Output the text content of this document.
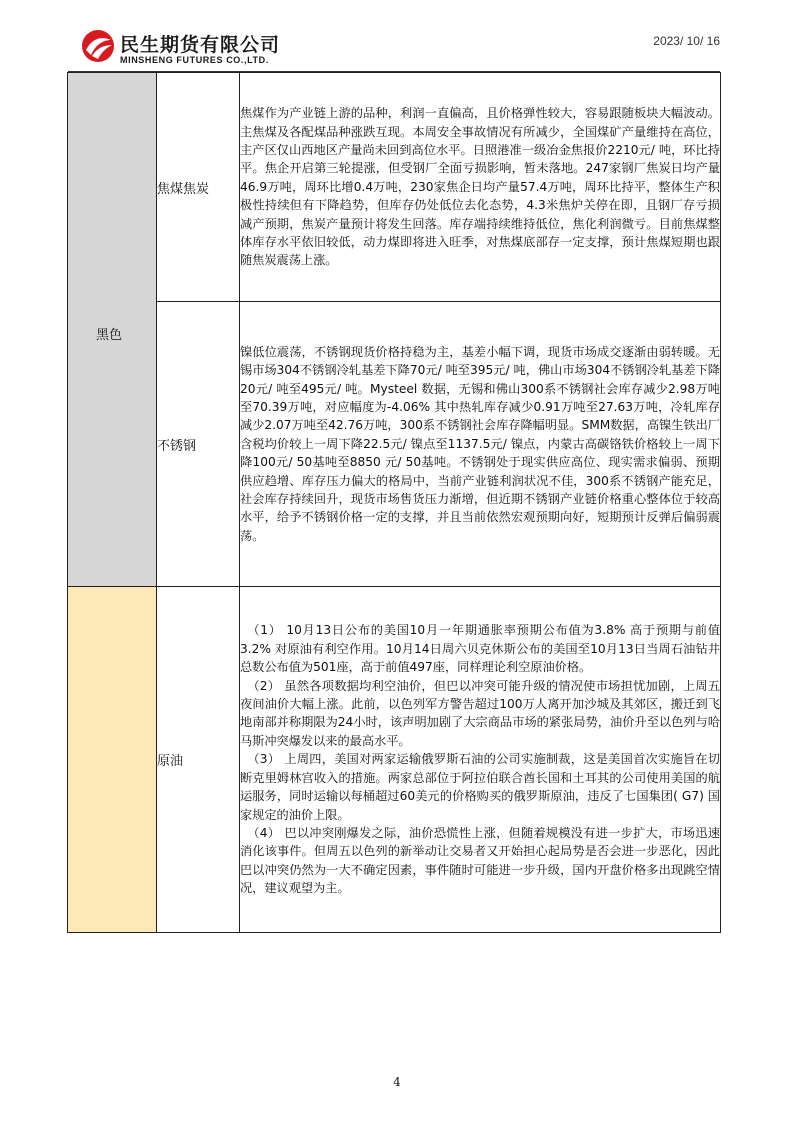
民生期货有限公司
MINSHENG FUTURES CO.,LTD.
2023/ 10/ 16
黑色	焦煤焦炭	焦煤作为产业链上游的品种，利润一直偏高，且价格弹性较大，容易跟随板块大幅波动。主焦煤及各配煤品种涨跌互现。本周安全事故情况有所减少，全国煤矿产量维持在高位，主产区仅山西地区产量尚未回到高位水平。日照港准一级冶金焦报价2210元/ 吨，环比持平。焦企开启第三轮提涨，但受钢厂全面亏损影响，暂未落地。247家钢厂焦炭日均产量46.9万吨，周环比增0.4万吨，230家焦企日均产量57.4万吨，周环比持平，整体生产积极性持续但有下降趋势，但库存仍处低位去化态势，4.3米焦炉关停在即，且钢厂存亏损减产预期，焦炭产量预计将发生回落。库存端持续维持低位，焦化利润微亏。目前焦煤整体库存水平依旧较低，动力煤即将进入旺季，对焦煤底部存一定支撑，预计焦煤短期也跟随焦炭震荡上涨。

	不锈钢	镍低位震荡，不锈钢现货价格持稳为主，基差小幅下调，现货市场成交逐渐由弱转暖。无锡市场304不锈钢冷轧基差下降70元/ 吨至395元/ 吨，佛山市场304不锈钢冷轧基差下降20元/ 吨至495元/ 吨。Mysteel 数据，无锡和佛山300系不锈钢社会库存减少2.98万吨至70.39万吨，对应幅度为-4.06% 其中热轧库存减少0.91万吨至27.63万吨，冷轧库存减少2.07万吨至42.76万吨，300系不锈钢社会库存降幅明显。SMM数据，高镍生铁出厂含税均价较上一周下降22.5元/ 镍点至1137.5元/ 镍点，内蒙古高碳铬铁价格较上一周下降100元/ 50基吨至8850 元/ 50基吨。不锈钢处于现实供应高位、现实需求偏弱、预期供应趋增、库存压力偏大的格局中，当前产业链利润状况不佳，300系不锈钢产能充足，社会库存持续回升，现货市场售货压力渐增，但近期不锈钢产业链价格重心整体位于较高水平，给予不锈钢价格一定的支撑，并且当前依然宏观预期向好，短期预计反弹后偏弱震荡。

	原油	（1） 10月13日公布的美国10月一年期通胀率预期公布值为3.8% 高于预期与前值3.2% 对原油有利空作用。10月14日周六贝克休斯公布的美国至10月13日当周石油钻井总数公布值为501座，高于前值497座，同样理论利空原油价格。

（2） 虽然各项数据均利空油价，但巴以冲突可能升级的情况使市场担忧加剧，上周五夜间油价大幅上涨。此前，以色列军方警告超过100万人离开加沙城及其郊区，搬迁到飞地南部并称期限为24小时，该声明加剧了大宗商品市场的紧张局势，油价升至以色列与哈马斯冲突爆发以来的最高水平。

（3） 上周四，美国对两家运输俄罗斯石油的公司实施制裁，这是美国首次实施旨在切断克里姆林宫收入的措施。两家总部位于阿拉伯联合酋长国和土耳其的公司使用美国的航运服务，同时运输以每桶超过60美元的价格购买的俄罗斯原油，违反了七国集团( G7) 国家规定的油价上限。

（4） 巴以冲突刚爆发之际，油价恐慌性上涨，但随着规模没有进一步扩大，市场迅速消化该事件。但周五以色列的新举动让交易者又开始担心起局势是否会进一步恶化，因此巴以冲突仍然为一大不确定因素，事件随时可能进一步升级，国内开盘价格多出现跳空情况，建议观望为主。

4
